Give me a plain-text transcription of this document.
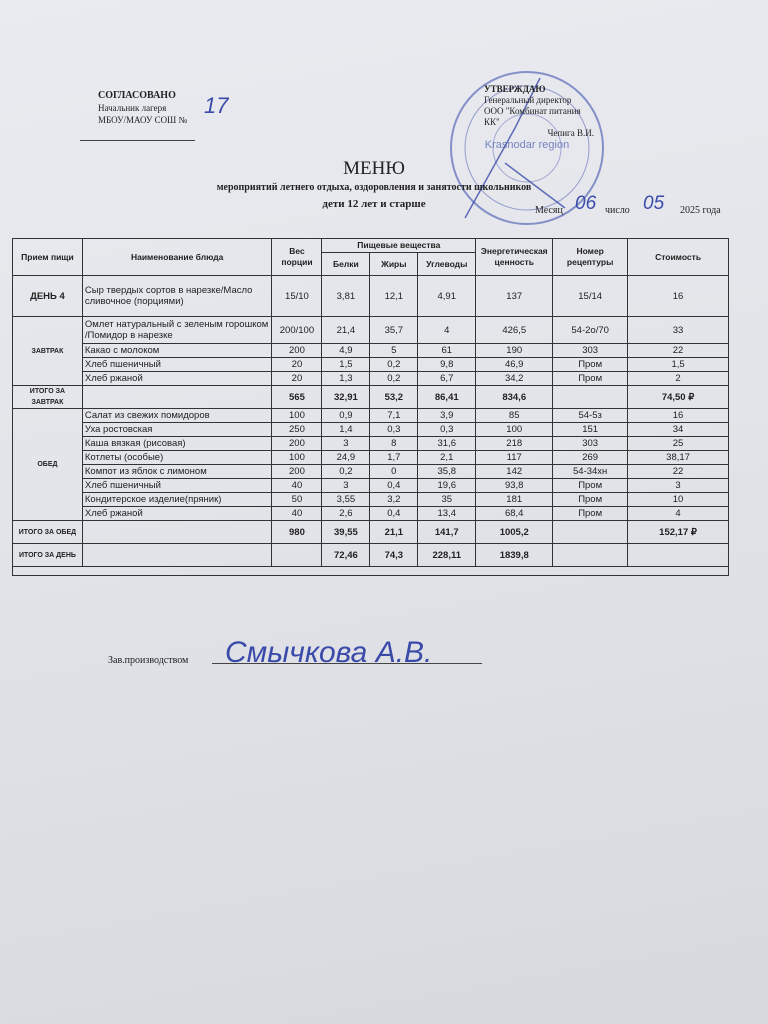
СОГЛАСОВАНО
Начальник лагеря
МБОУ/МАОУ СОШ №
17
Krasnodar region
УТВЕРЖДАЮ
Генеральный директор
ООО "Комбинат питания КК"
Чепига В.И.
МЕНЮ
мероприятий летнего отдыха, оздоровления и занятости школьников
дети 12 лет и старше
Месяц 06 число 05 2025 года
Прием пищи	Наименование блюда	Вес порции	Пищевые вещества			Энергетическая ценность	Номер рецептуры	Стоимость
			Белки	Жиры	Углеводы			
ДЕНЬ 4	Сыр твердых сортов в нарезке/Масло сливочное (порциями)	15/10	3,81	12,1	4,91	137	15/14	16
ЗАВТРАК	Омлет натуральный с зеленым горошком /Помидор в нарезке	200/100	21,4	35,7	4	426,5	54-2о/70	33
	Какао с молоком	200	4,9	5	61	190	303	22
	Хлеб пшеничный	20	1,5	0,2	9,8	46,9	Пром	1,5
	Хлеб ржаной	20	1,3	0,2	6,7	34,2	Пром	2
ИТОГО ЗА ЗАВТРАК		565	32,91	53,2	86,41	834,6		74,50 ₽
ОБЕД	Салат из свежих помидоров	100	0,9	7,1	3,9	85	54-5з	16
	Уха ростовская	250	1,4	0,3	0,3	100	151	34
	Каша вязкая (рисовая)	200	3	8	31,6	218	303	25
	Котлеты (особые)	100	24,9	1,7	2,1	117	269	38,17
	Компот из яблок с лимоном	200	0,2	0	35,8	142	54-34хн	22
	Хлеб пшеничный	40	3	0,4	19,6	93,8	Пром	3
	Кондитерское изделие(пряник)	50	3,55	3,2	35	181	Пром	10
	Хлеб ржаной	40	2,6	0,4	13,4	68,4	Пром	4
ИТОГО ЗА ОБЕД		980	39,55	21,1	141,7	1005,2		152,17 ₽
ИТОГО ЗА ДЕНЬ			72,46	74,3	228,11	1839,8		

Зав.производством Смычкова А.В.
